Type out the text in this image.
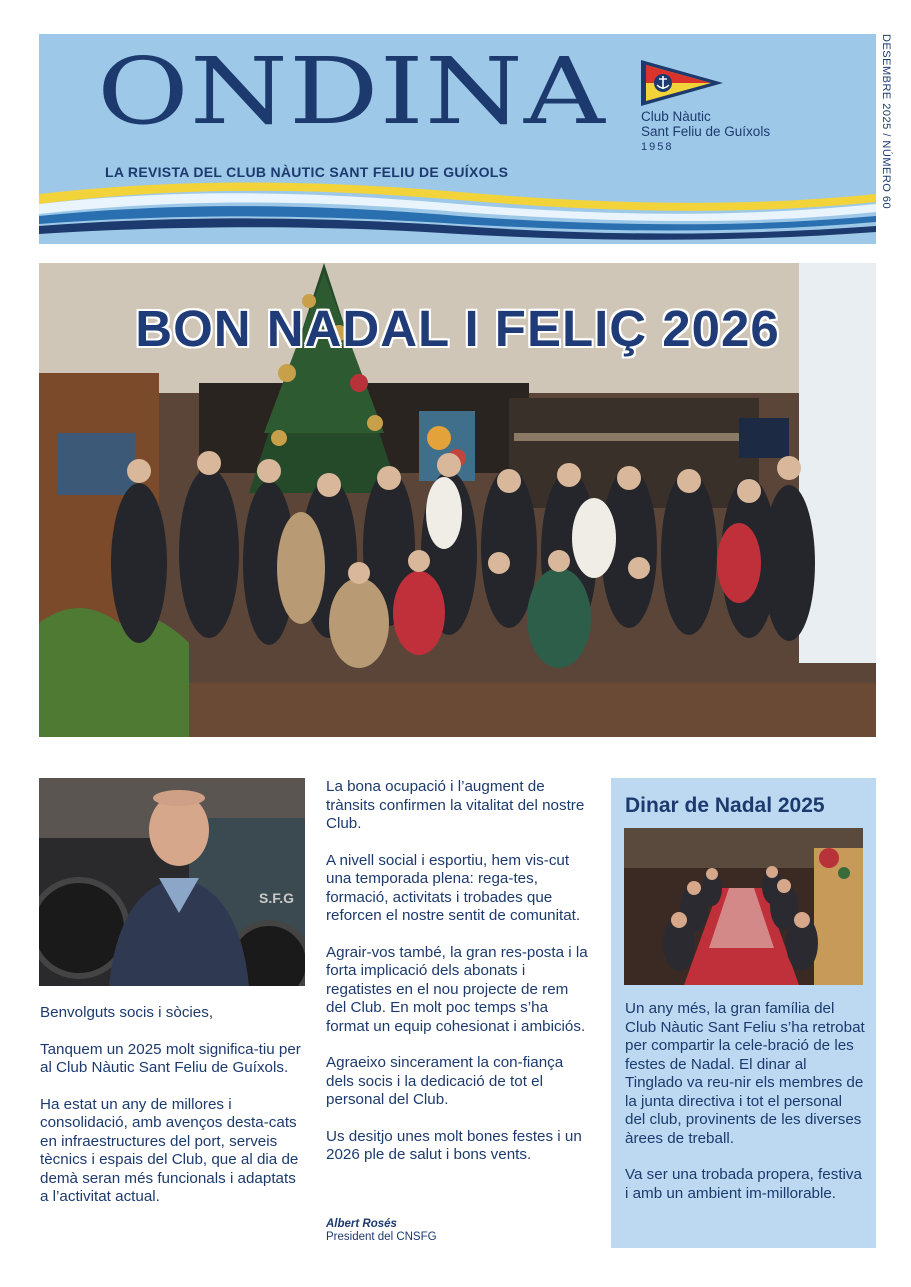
ONDINA
LA REVISTA DEL CLUB NÀUTIC SANT FELIU DE GUÍXOLS
Club Nàutic
Sant Feliu de Guíxols
1958	DESEMBRE 2025 / NÚMERO 60
BON NADAL I FELIÇ 2026
S.F.G

Benvolguts socis i sòcies,

Tanquem un 2025 molt significa-tiu per al Club Nàutic Sant Feliu de Guíxols.

Ha estat un any de millores i consolidació, amb avenços desta-cats en infraestructures del port, serveis tècnics i espais del Club, que al dia de demà seran més funcionals i adaptats a l’activitat actual.

La bona ocupació i l’augment de trànsits confirmen la vitalitat del nostre Club.

A nivell social i esportiu, hem vis-cut una temporada plena: rega-tes, formació, activitats i trobades que reforcen el nostre sentit de comunitat.

Agrair-vos també, la gran res-posta i la forta implicació dels abonats i regatistes en el nou projecte de rem del Club. En molt poc temps s’ha format un equip cohesionat i ambiciós.

Agraeixo sincerament la con-fiança dels socis i la dedicació de tot el personal del Club.

Us desitjo unes molt bones festes i un 2026 ple de salut i bons vents.

Albert Rosés
President del CNSFG
Dinar de Nadal 2025

Un any més, la gran família del Club Nàutic Sant Feliu s’ha retrobat per compartir la cele-bració de les festes de Nadal. El dinar al Tinglado va reu-nir els membres de la junta directiva i tot el personal del club, provinents de les diverses àrees de treball.

Va ser una trobada propera, festiva i amb un ambient im-millorable.
